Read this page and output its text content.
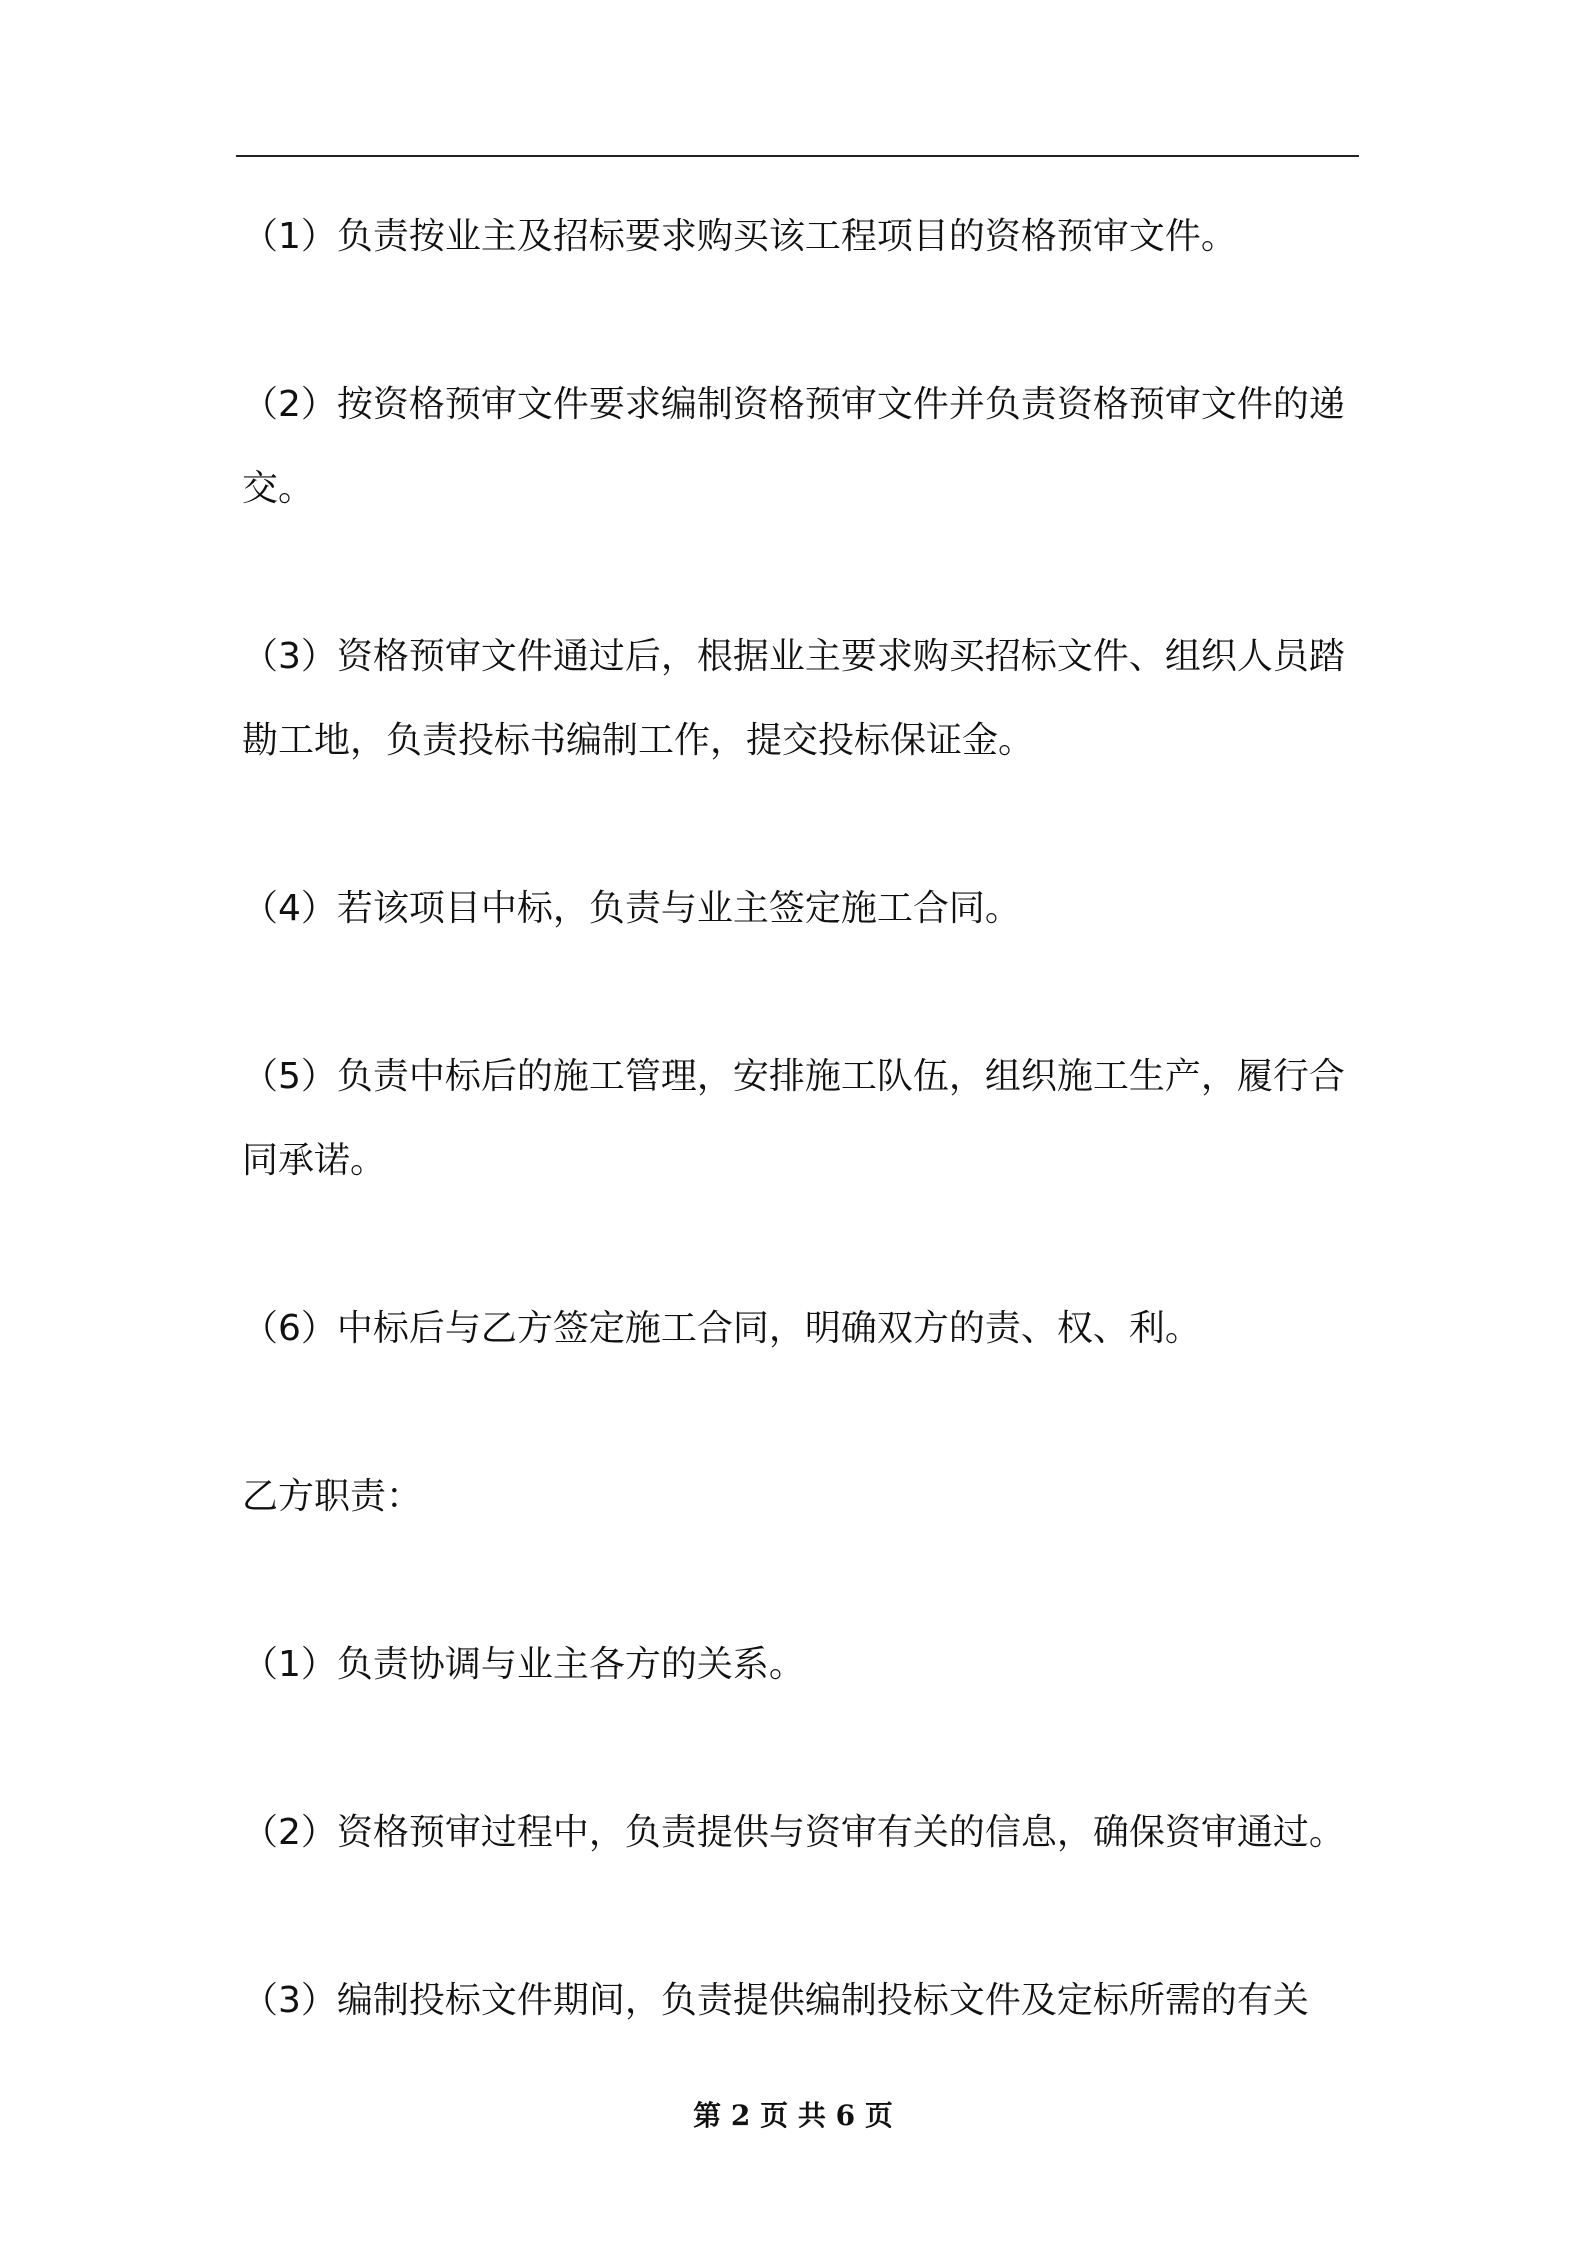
（1）负责按业主及招标要求购买该工程项目的资格预审文件。

（2）按资格预审文件要求编制资格预审文件并负责资格预审文件的递交。

（3）资格预审文件通过后，根据业主要求购买招标文件、组织人员踏勘工地，负责投标书编制工作，提交投标保证金。

（4）若该项目中标，负责与业主签定施工合同。

（5）负责中标后的施工管理，安排施工队伍，组织施工生产，履行合同承诺。

（6）中标后与乙方签定施工合同，明确双方的责、权、利。

乙方职责：

（1）负责协调与业主各方的关系。

（2）资格预审过程中，负责提供与资审有关的信息，确保资审通过。

（3）编制投标文件期间，负责提供编制投标文件及定标所需的有关

第 2 页 共 6 页
